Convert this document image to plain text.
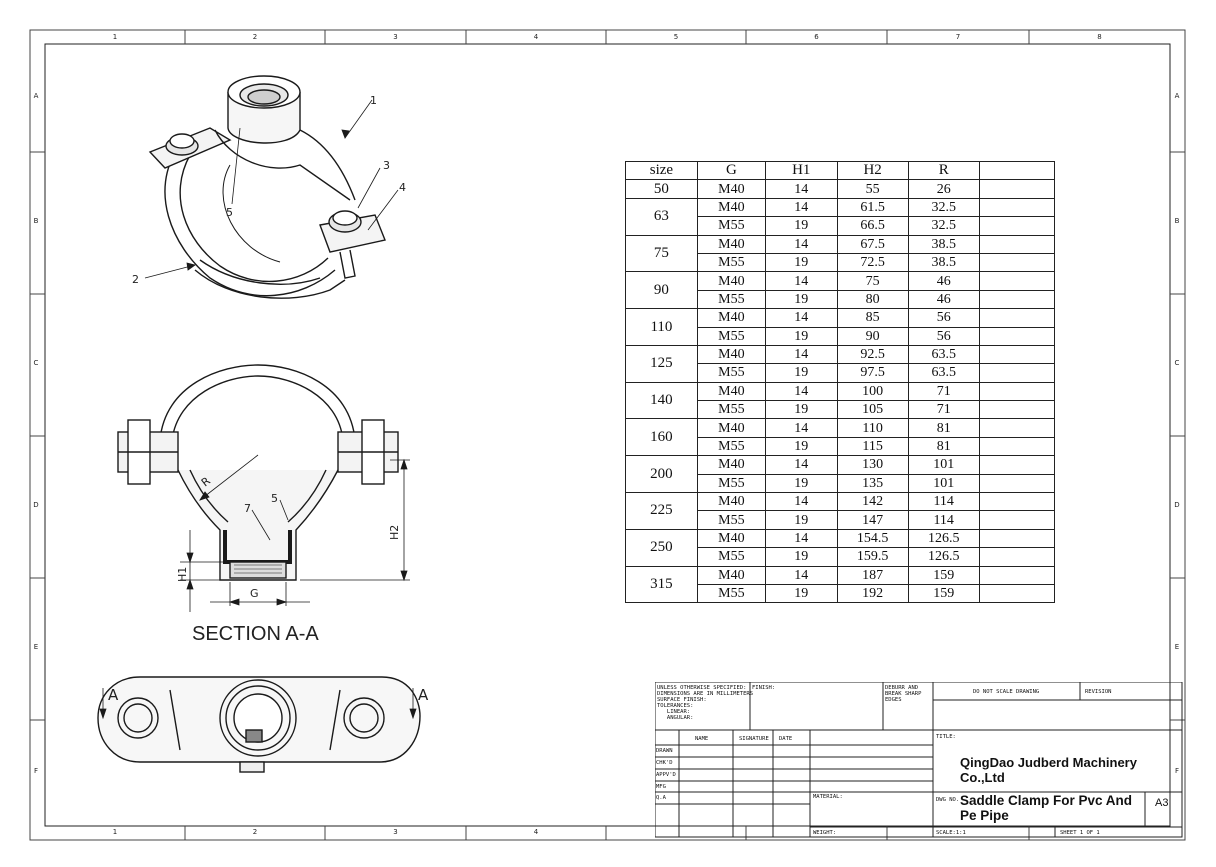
1	2	3	4	5	6	7	8
1	2	3	4
A	A
B	B
C	C
D	D
E	E
F	F
1
2
3
4
5
R
H2
H1
G
7
5
SECTION A-A
A	A
size	G	H1	H2	R	
50	M40	14	55	26	
63	M40	14	61.5	32.5	
	M55	19	66.5	32.5	
75	M40	14	67.5	38.5	
	M55	19	72.5	38.5	
90	M40	14	75	46	
	M55	19	80	46	
110	M40	14	85	56	
	M55	19	90	56	
125	M40	14	92.5	63.5	
	M55	19	97.5	63.5	
140	M40	14	100	71	
	M55	19	105	71	
160	M40	14	110	81	
	M55	19	115	81	
200	M40	14	130	101	
	M55	19	135	101	
225	M40	14	142	114	
	M55	19	147	114	
250	M40	14	154.5	126.5	
	M55	19	159.5	126.5	
315	M40	14	187	159	
	M55	19	192	159	
UNLESS OTHERWISE SPECIFIED:
DIMENSIONS ARE IN MILLIMETERS
SURFACE FINISH:
TOLERANCES:
LINEAR:
ANGULAR:
FINISH:	DEBURR AND
BREAK SHARP
EDGES
DO NOT SCALE DRAWING	REVISION
NAME	SIGNATURE DATE
DRAWN
CHK'D
APPV'D
MFG
Q.A
TITLE:
QingDao Judberd Machinery Co.,Ltd
MATERIAL:	DWG NO. Saddle Clamp For Pvc And Pe Pipe
A3
WEIGHT:	SCALE:1:1	SHEET 1 OF 1
